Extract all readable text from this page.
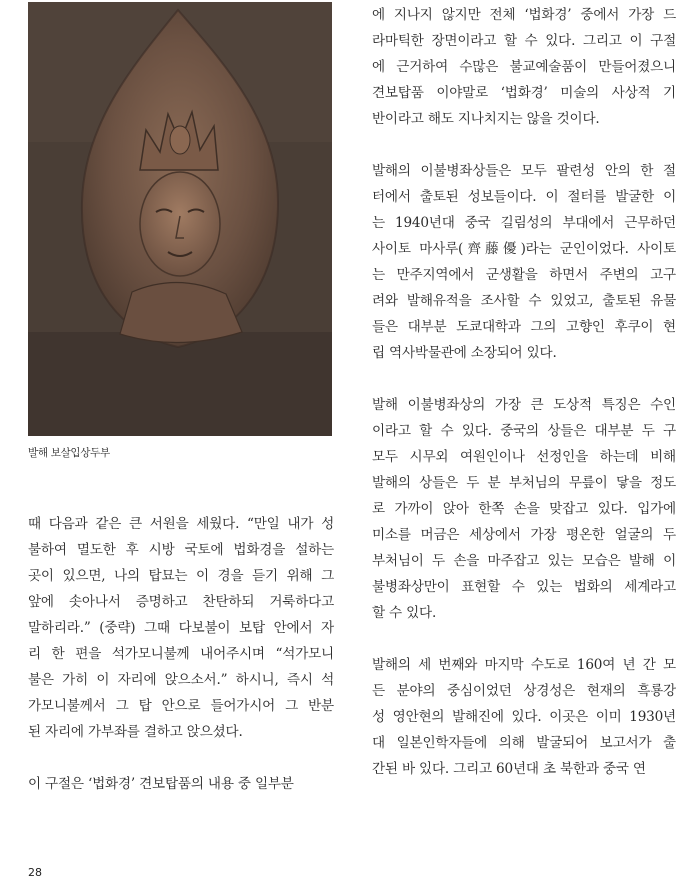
발해 보살입상두부

때 다음과 같은 큰 서원을 세웠다. “만일 내가 성
불하여 멸도한 후 시방 국토에 법화경을 설하는
곳이 있으면, 나의 탑묘는 이 경을 듣기 위해 그
앞에 솟아나서 증명하고 찬탄하되 거룩하다고
말하리라.” (중략) 그때 다보불이 보탑 안에서 자
리 한 편을 석가모니불께 내어주시며 “석가모니
불은 가히 이 자리에 앉으소서.” 하시니, 즉시 석
가모니불께서 그 탑 안으로 들어가시어 그 반분
된 자리에 가부좌를 결하고 앉으셨다.

이 구절은 ‘법화경’ 견보탑품의 내용 중 일부분

에 지나지 않지만 전체 ‘법화경’ 중에서 가장 드
라마틱한 장면이라고 할 수 있다. 그리고 이 구절
에 근거하여 수많은 불교예술품이 만들어졌으니
견보탑품 이야말로 ‘법화경’ 미술의 사상적 기
반이라고 해도 지나치지는 않을 것이다.

발해의 이불병좌상들은 모두 팔련성 안의 한 절
터에서 출토된 성보들이다. 이 절터를 발굴한 이
는 1940년대 중국 길림성의 부대에서 근무하던
사이토 마사루(齊藤優)라는 군인이었다. 사이토
는 만주지역에서 군생활을 하면서 주변의 고구
려와 발해유적을 조사할 수 있었고, 출토된 유물
들은 대부분 도쿄대학과 그의 고향인 후쿠이 현
립 역사박물관에 소장되어 있다.

발해 이불병좌상의 가장 큰 도상적 특징은 수인
이라고 할 수 있다. 중국의 상들은 대부분 두 구
모두 시무외 여원인이나 선정인을 하는데 비해
발해의 상들은 두 분 부처님의 무릎이 닿을 정도
로 가까이 앉아 한쪽 손을 맞잡고 있다. 입가에
미소를 머금은 세상에서 가장 평온한 얼굴의 두
부처님이 두 손을 마주잡고 있는 모습은 발해 이
불병좌상만이 표현할 수 있는 법화의 세계라고
할 수 있다.

발해의 세 번째와 마지막 수도로 160여 년 간 모
든 분야의 중심이었던 상경성은 현재의 흑룡강
성 영안현의 발해진에 있다. 이곳은 이미 1930년
대 일본인학자들에 의해 발굴되어 보고서가 출
간된 바 있다. 그리고 60년대 초 북한과 중국 연

28
